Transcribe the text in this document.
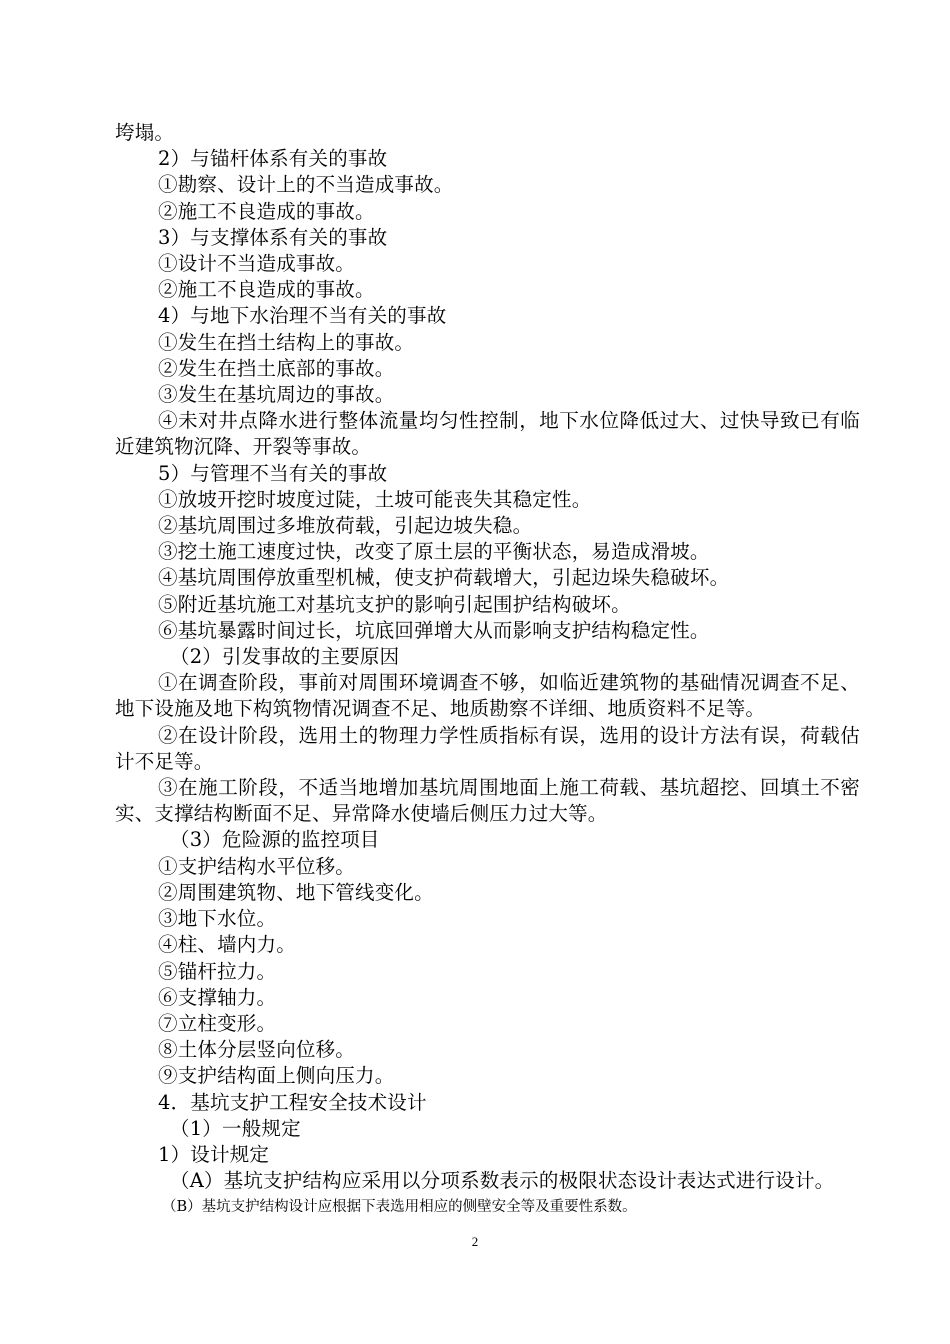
垮塌。
2）与锚杆体系有关的事故
①勘察、设计上的不当造成事故。
②施工不良造成的事故。
3）与支撑体系有关的事故
①设计不当造成事故。
②施工不良造成的事故。
4）与地下水治理不当有关的事故
①发生在挡土结构上的事故。
②发生在挡土底部的事故。
③发生在基坑周边的事故。
④未对井点降水进行整体流量均匀性控制，地下水位降低过大、过快导致已有临近建筑物沉降、开裂等事故。
5）与管理不当有关的事故
①放坡开挖时坡度过陡，土坡可能丧失其稳定性。
②基坑周围过多堆放荷载，引起边坡失稳。
③挖土施工速度过快，改变了原土层的平衡状态，易造成滑坡。
④基坑周围停放重型机械，使支护荷载增大，引起边垛失稳破坏。
⑤附近基坑施工对基坑支护的影响引起围护结构破坏。
⑥基坑暴露时间过长，坑底回弹增大从而影响支护结构稳定性。
（2）引发事故的主要原因
①在调查阶段，事前对周围环境调查不够，如临近建筑物的基础情况调查不足、地下设施及地下构筑物情况调查不足、地质勘察不详细、地质资料不足等。
②在设计阶段，选用土的物理力学性质指标有误，选用的设计方法有误，荷载估计不足等。
③在施工阶段，不适当地增加基坑周围地面上施工荷载、基坑超挖、回填土不密实、支撑结构断面不足、异常降水使墙后侧压力过大等。
（3）危险源的监控项目
①支护结构水平位移。
②周围建筑物、地下管线变化。
③地下水位。
④柱、墙内力。
⑤锚杆拉力。
⑥支撑轴力。
⑦立柱变形。
⑧土体分层竖向位移。
⑨支护结构面上侧向压力。
4．基坑支护工程安全技术设计
（1）一般规定
1）设计规定
（A）基坑支护结构应采用以分项系数表示的极限状态设计表达式进行设计。
（B）基坑支护结构设计应根据下表选用相应的侧壁安全等及重要性系数。
2
